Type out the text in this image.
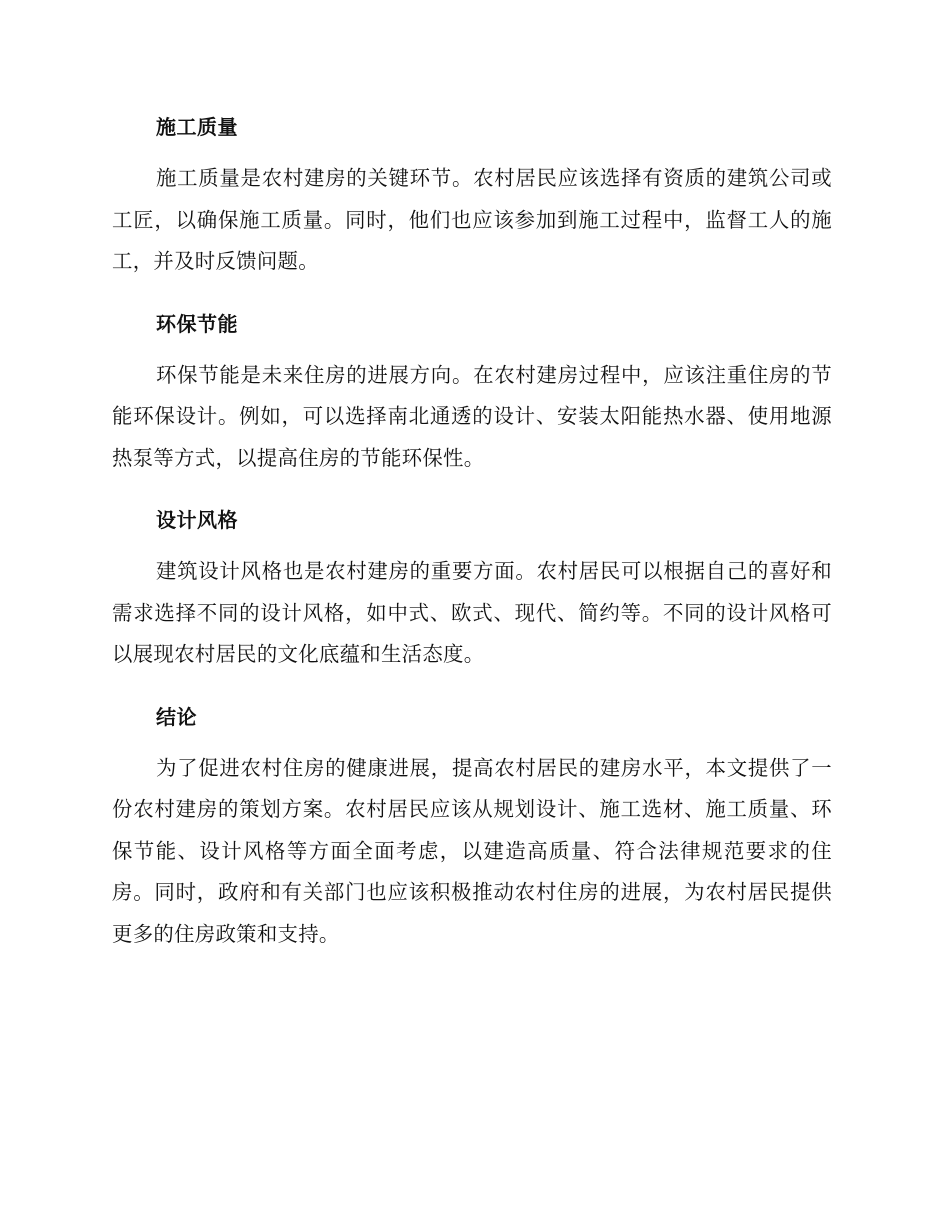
施工质量

施工质量是农村建房的关键环节。农村居民应该选择有资质的建筑公司或工匠，以确保施工质量。同时，他们也应该参加到施工过程中，监督工人的施工，并及时反馈问题。

环保节能

环保节能是未来住房的进展方向。在农村建房过程中，应该注重住房的节能环保设计。例如，可以选择南北通透的设计、安装太阳能热水器、使用地源热泵等方式，以提高住房的节能环保性。

设计风格

建筑设计风格也是农村建房的重要方面。农村居民可以根据自己的喜好和需求选择不同的设计风格，如中式、欧式、现代、简约等。不同的设计风格可以展现农村居民的文化底蕴和生活态度。

结论

为了促进农村住房的健康进展，提高农村居民的建房水平，本文提供了一份农村建房的策划方案。农村居民应该从规划设计、施工选材、施工质量、环保节能、设计风格等方面全面考虑，以建造高质量、符合法律规范要求的住房。同时，政府和有关部门也应该积极推动农村住房的进展，为农村居民提供更多的住房政策和支持。
